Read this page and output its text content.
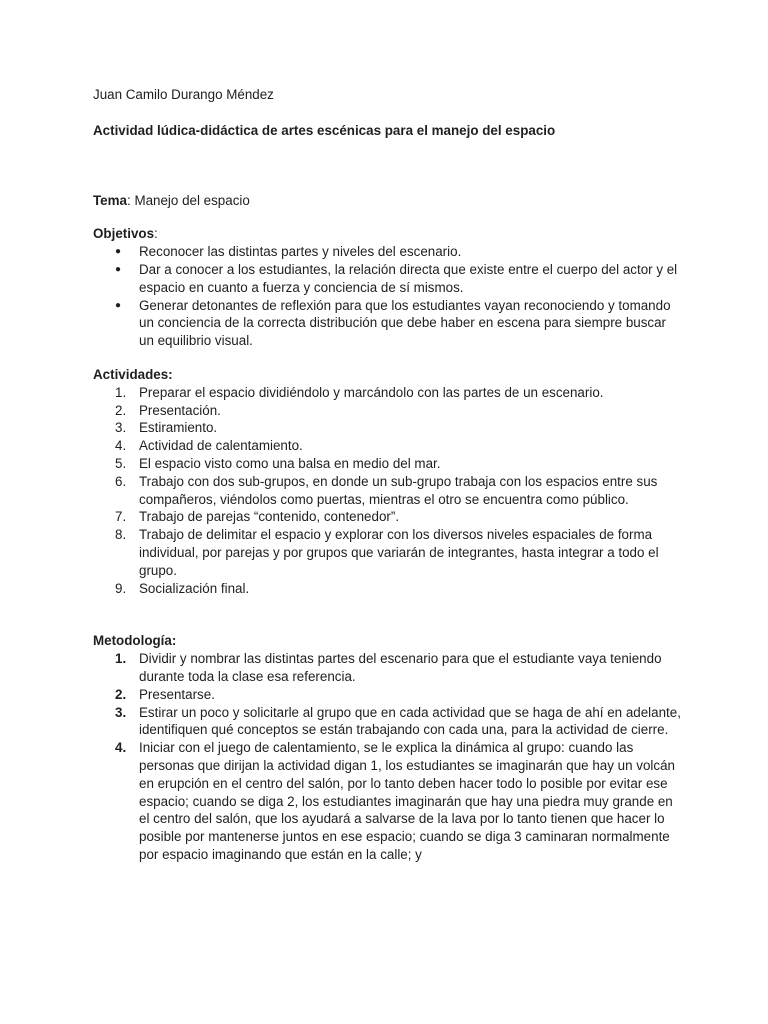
Juan Camilo Durango Méndez

Actividad lúdica-didáctica de artes escénicas para el manejo del espacio

Tema: Manejo del espacio

Objetivos:

● Reconocer las distintas partes y niveles del escenario.
● Dar a conocer a los estudiantes, la relación directa que existe entre el cuerpo del actor y el espacio en cuanto a fuerza y conciencia de sí mismos.
● Generar detonantes de reflexión para que los estudiantes vayan reconociendo y tomando un conciencia de la correcta distribución que debe haber en escena para siempre buscar un equilibrio visual.

Actividades:

1. Preparar el espacio dividiéndolo y marcándolo con las partes de un escenario.
2. Presentación.
3. Estiramiento.
4. Actividad de calentamiento.
5. El espacio visto como una balsa en medio del mar.
6. Trabajo con dos sub-grupos, en donde un sub-grupo trabaja con los espacios entre sus compañeros, viéndolos como puertas, mientras el otro se encuentra como público.
7. Trabajo de parejas “contenido, contenedor”.
8. Trabajo de delimitar el espacio y explorar con los diversos niveles espaciales de forma individual, por parejas y por grupos que variarán de integrantes, hasta integrar a todo el grupo.
9. Socialización final.

Metodología:

1. Dividir y nombrar las distintas partes del escenario para que el estudiante vaya teniendo durante toda la clase esa referencia.
2. Presentarse.
3. Estirar un poco y solicitarle al grupo que en cada actividad que se haga de ahí en adelante, identifiquen qué conceptos se están trabajando con cada una, para la actividad de cierre.
4. Iniciar con el juego de calentamiento, se le explica la dinámica al grupo: cuando las personas que dirijan la actividad digan 1, los estudiantes se imaginarán que hay un volcán en erupción en el centro del salón, por lo tanto deben hacer todo lo posible por evitar ese espacio; cuando se diga 2, los estudiantes imaginarán que hay una piedra muy grande en el centro del salón, que los ayudará a salvarse de la lava por lo tanto tienen que hacer lo posible por mantenerse juntos en ese espacio; cuando se diga 3 caminaran normalmente por espacio imaginando que están en la calle; y
